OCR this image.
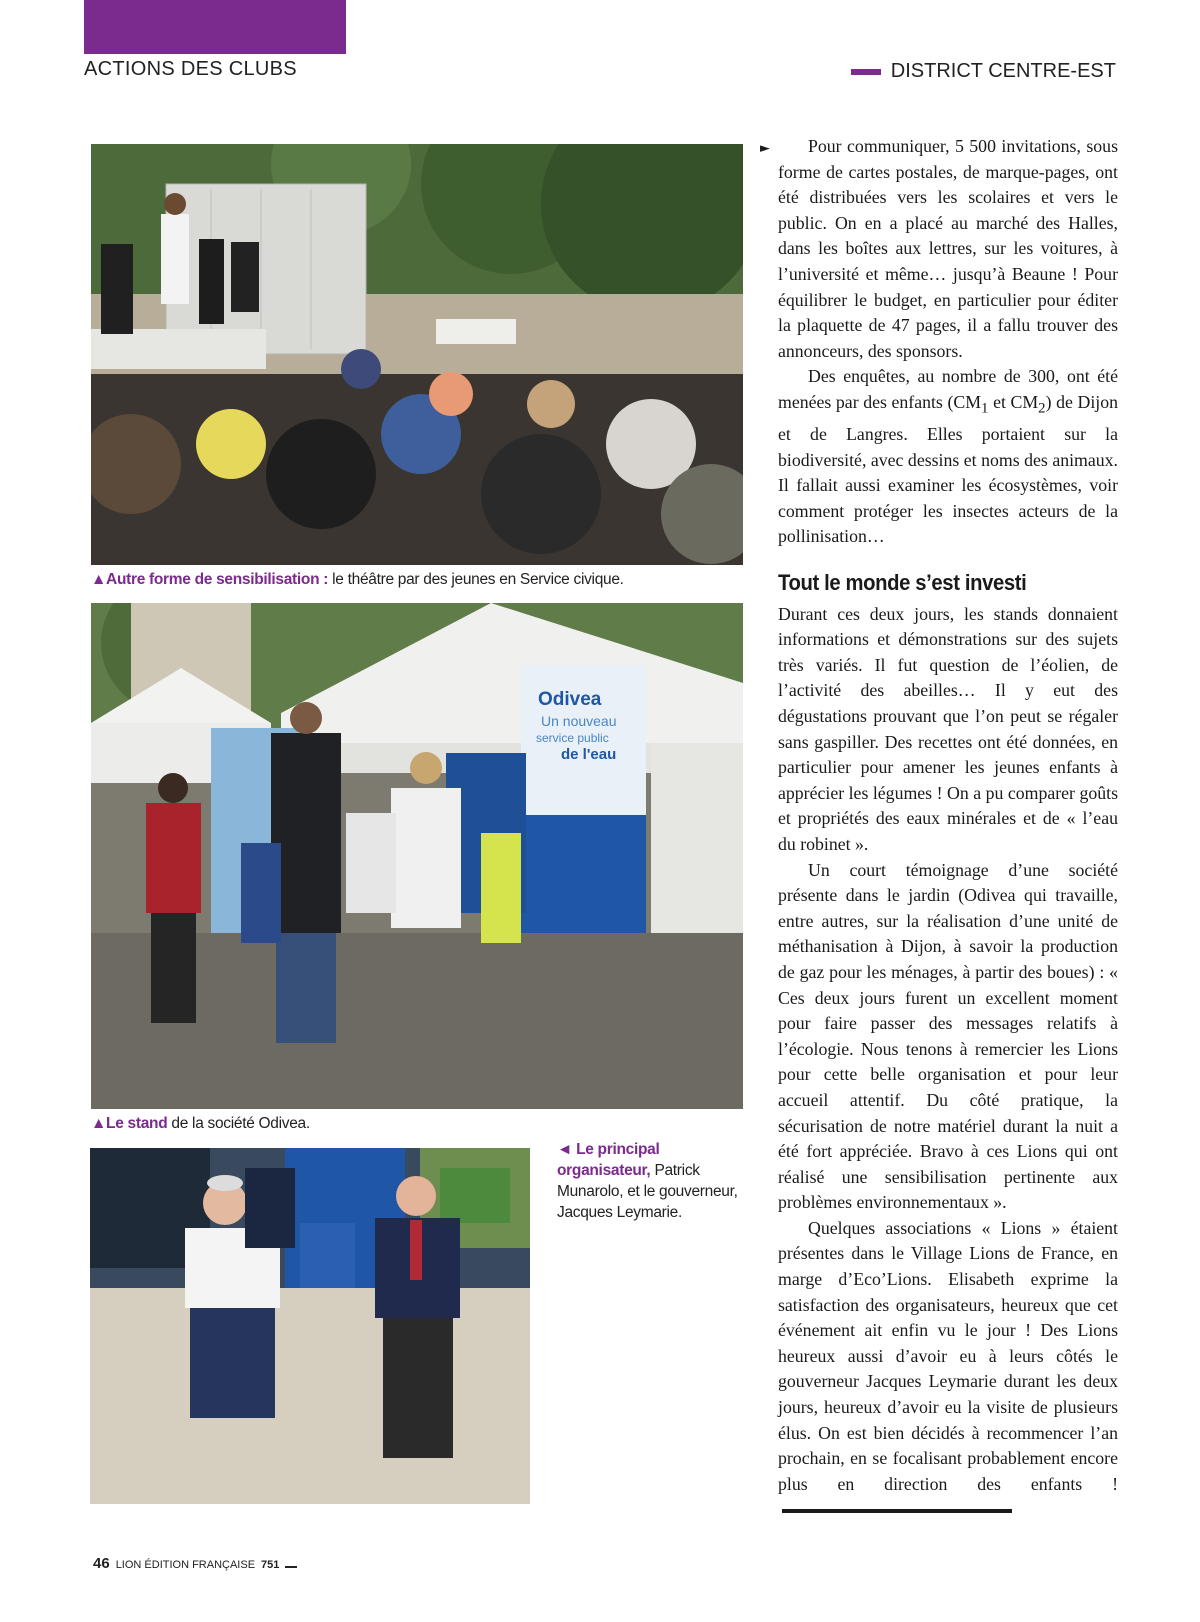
ACTIONS DES CLUBS	DISTRICT CENTRE-EST
▲Autre forme de sensibilisation : le théâtre par des jeunes en Service civique.
Odivea
Un nouveau
service public
de l'eau
▲Le stand de la société Odivea.
◄ Le principal organisateur, Patrick Munarolo, et le gouverneur, Jacques Leymarie.
►	Pour communiquer, 5 500 invitations, sous forme de cartes postales, de marque-pages, ont été distribuées vers les scolaires et vers le public. On en a placé au marché des Halles, dans les boîtes aux lettres, sur les voitures, à l’université et même… jusqu’à Beaune ! Pour équilibrer le budget, en particulier pour éditer la plaquette de 47 pages, il a fallu trouver des annonceurs, des sponsors.

Des enquêtes, au nombre de 300, ont été menées par des enfants ($CM_1$ et $CM_2$) de Dijon et de Langres. Elles portaient sur la biodiversité, avec dessins et noms des animaux. Il fallait aussi examiner les écosystèmes, voir comment protéger les insectes acteurs de la pollinisation…

Tout le monde s’est investi

Durant ces deux jours, les stands donnaient informations et démonstrations sur des sujets très variés. Il fut question de l’éolien, de l’activité des abeilles… Il y eut des dégustations prouvant que l’on peut se régaler sans gaspiller. Des recettes ont été données, en particulier pour amener les jeunes enfants à apprécier les légumes ! On a pu comparer goûts et propriétés des eaux minérales et de « l’eau du robinet ».

Un court témoignage d’une société présente dans le jardin (Odivea qui travaille, entre autres, sur la réalisation d’une unité de méthanisation à Dijon, à savoir la production de gaz pour les ménages, à partir des boues) : « Ces deux jours furent un excellent moment pour faire passer des messages relatifs à l’écologie. Nous tenons à remercier les Lions pour cette belle organisation et pour leur accueil attentif. Du côté pratique, la sécurisation de notre matériel durant la nuit a été fort appréciée. Bravo à ces Lions qui ont réalisé une sensibilisation pertinente aux problèmes environnementaux ».

Quelques associations « Lions » étaient présentes dans le Village Lions de France, en marge d’Eco’Lions. Elisabeth exprime la satisfaction des organisateurs, heureux que cet événement ait enfin vu le jour ! Des Lions heureux aussi d’avoir eu à leurs côtés le gouverneur Jacques Leymarie durant les deux jours, heureux d’avoir eu la visite de plusieurs élus. On est bien décidés à recommencer l’an prochain, en se focalisant probablement encore plus en direction des enfants !

46 LION ÉDITION FRANÇAISE 751
